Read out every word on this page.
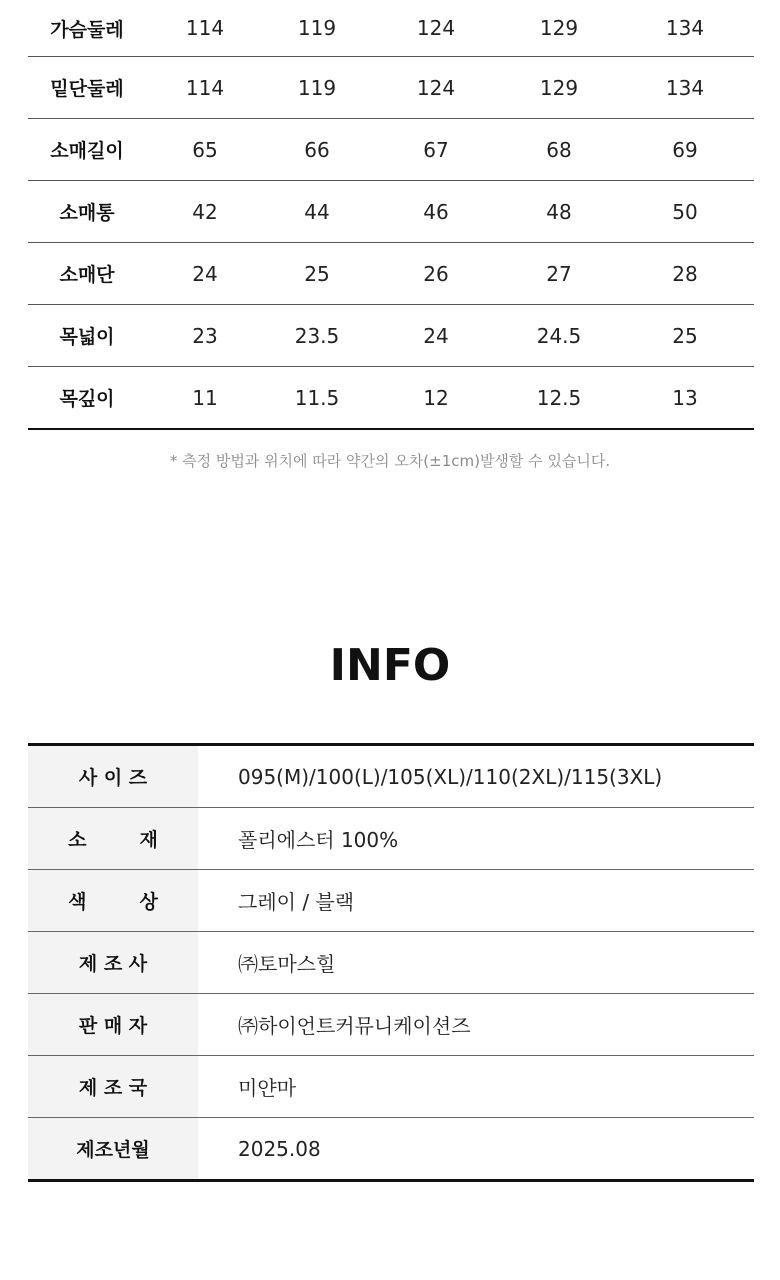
가슴둘레	114	119	124	129	134
밑단둘레	114	119	124	129	134
소매길이	65	66	67	68	69
소매통	42	44	46	48	50
소매단	24	25	26	27	28
목넓이	23	23.5	24	24.5	25
목깊이	11	11.5	12	12.5	13
* 측정 방법과 위치에 따라 약간의 오차(±1cm)발생할 수 있습니다.
INFO
사 이 즈	095(M)/100(L)/105(XL)/110(2XL)/115(3XL)
소        재	폴리에스터 100%
색        상	그레이 / 블랙
제 조 사	㈜토마스힐
판 매 자	㈜하이언트커뮤니케이션즈
제 조 국	미얀마
제조년월	2025.08
